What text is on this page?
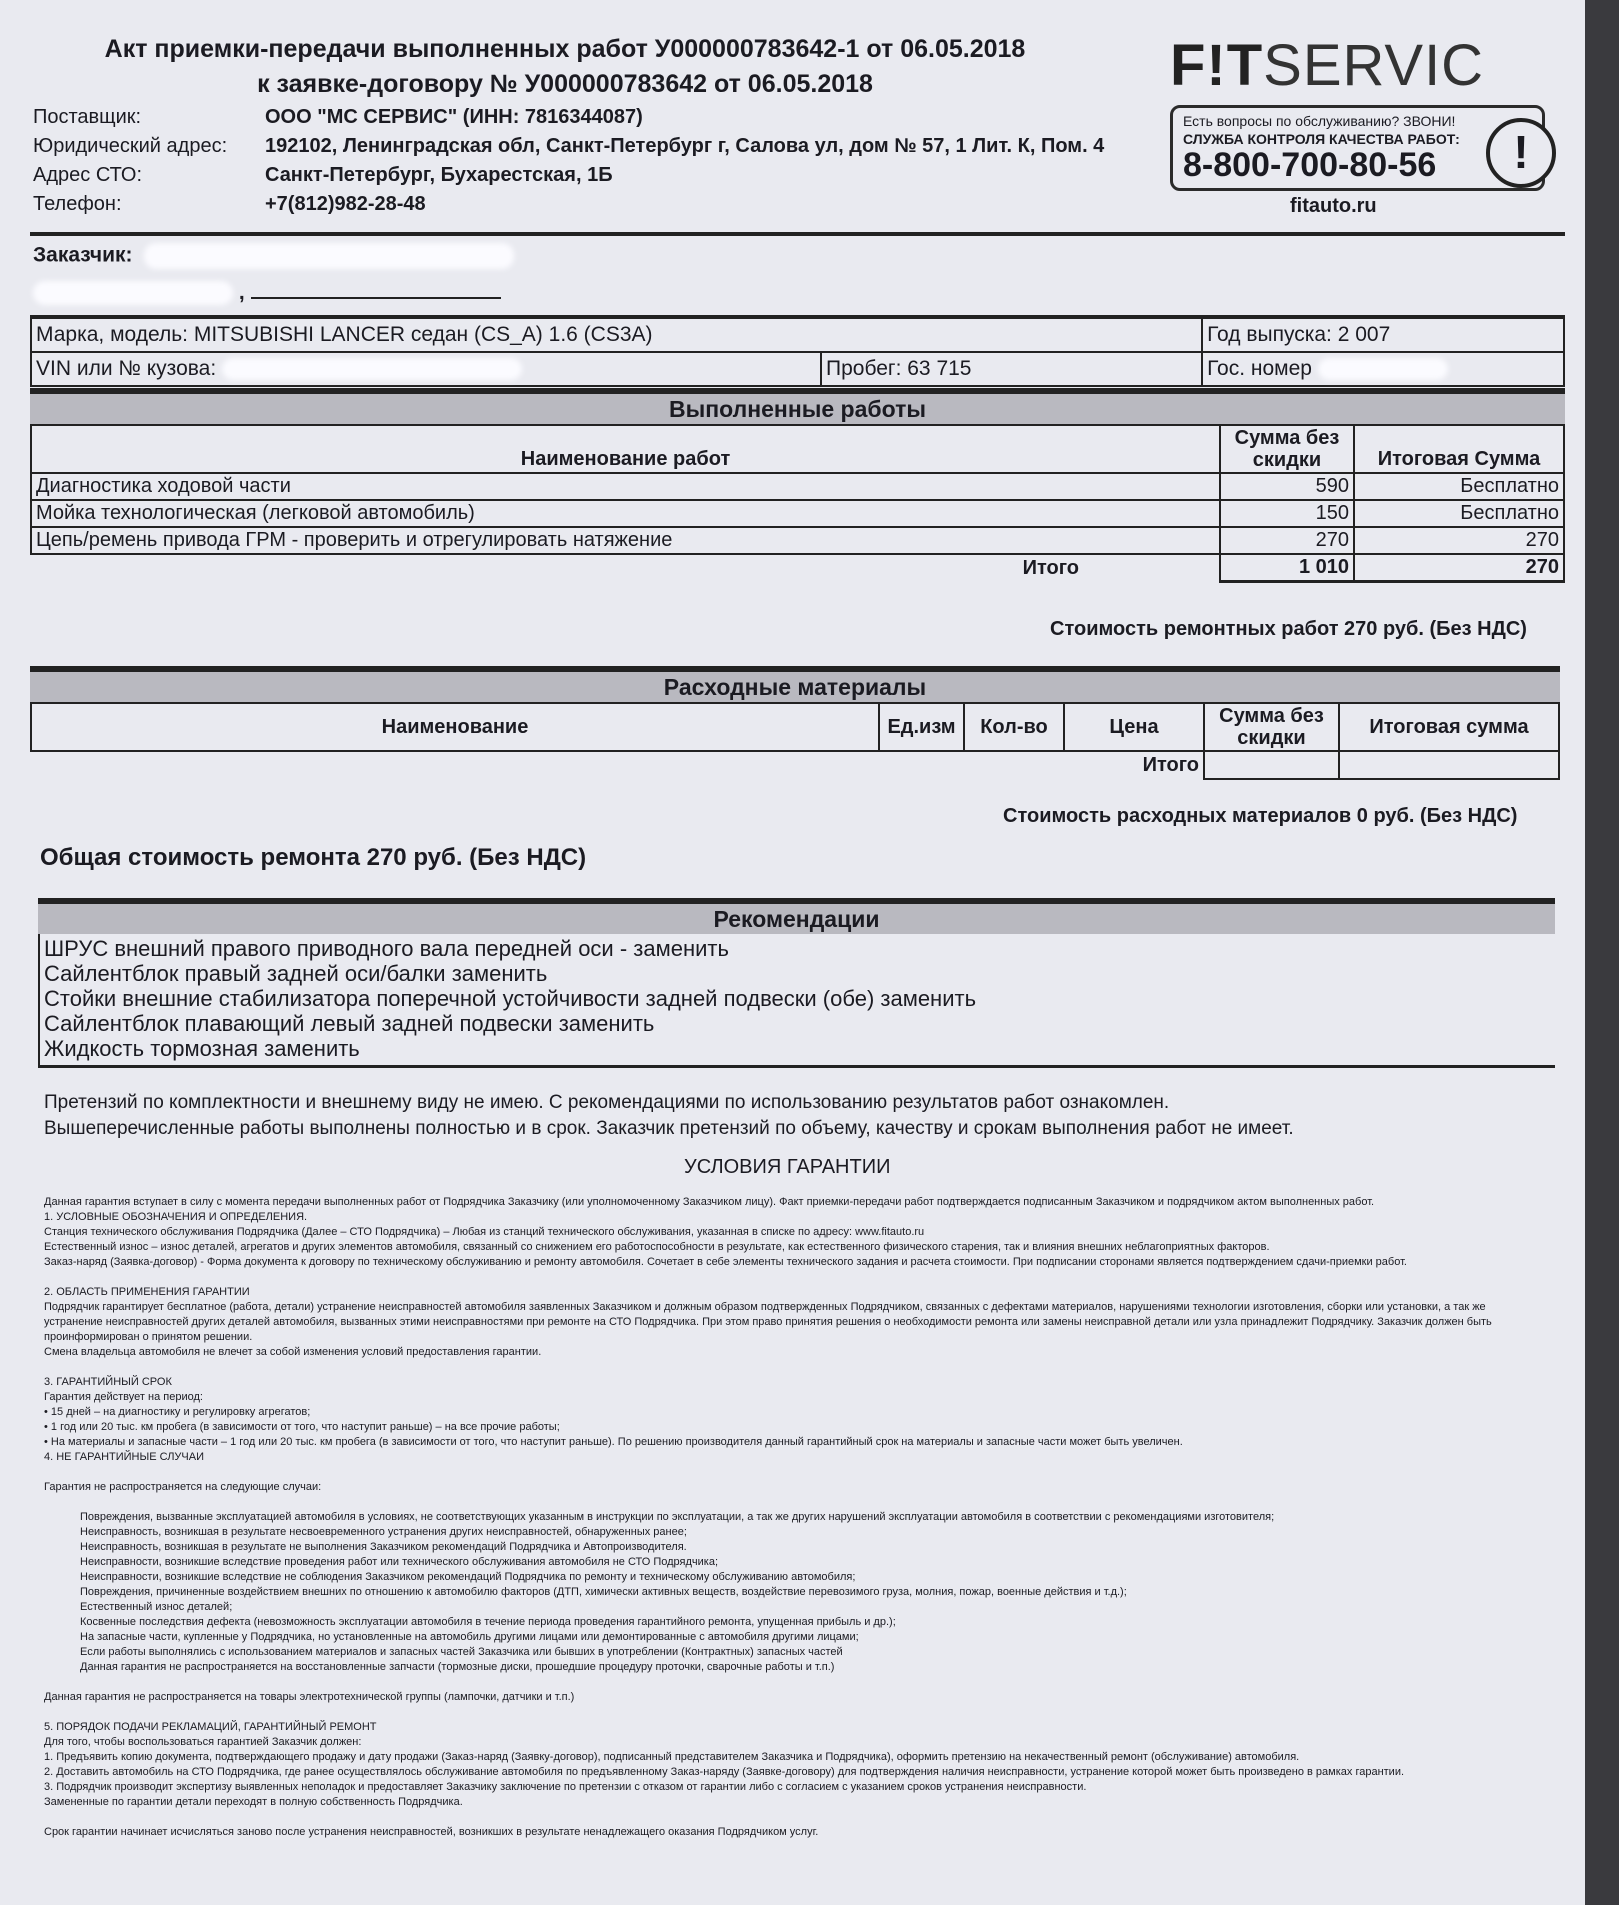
Акт приемки-передачи выполненных работ У000000783642-1 от 06.05.2018
к заявке-договору № У000000783642 от 06.05.2018	F!TSERVIC
Есть вопросы по обслуживанию? ЗВОНИ!
СЛУЖБА КОНТРОЛЯ КАЧЕСТВА РАБОТ:
8-800-700-80-56	!
fitauto.ru
Поставщик:	ООО "МС СЕРВИС" (ИНН: 7816344087)
Юридический адрес:	192102, Ленинградская обл, Санкт-Петербург г, Салова ул, дом № 57, 1 Лит. К, Пом. 4
Адрес СТО:	Санкт-Петербург, Бухарестская, 1Б
Телефон:	+7(812)982-28-48
Заказчик:
,
Марка, модель: MITSUBISHI LANCER седан (CS_A) 1.6 (CS3A)		Год выпуска: 2 007
VIN или № кузова:	Пробег: 63 715	Гос. номер
Выполненные работы
Наименование работ	Сумма без скидки	Итоговая Сумма
Диагностика ходовой части	590	Бесплатно
Мойка технологическая (легковой автомобиль)	150	Бесплатно
Цепь/ремень привода ГРМ - проверить и отрегулировать натяжение	270	270
Итого	1 010	270
Стоимость ремонтных работ 270 руб. (Без НДС)
Расходные материалы
Наименование	Ед.изм	Кол-во	Цена	Сумма без скидки	Итоговая сумма
Итого					
Стоимость расходных материалов 0 руб. (Без НДС)
Общая стоимость ремонта 270 руб. (Без НДС)
Рекомендации
ШРУС внешний правого приводного вала передней оси - заменить
Сайлентблок правый задней оси/балки заменить
Стойки внешние стабилизатора поперечной устойчивости задней подвески (обе) заменить
Сайлентблок плавающий левый задней подвески заменить
Жидкость тормозная заменить
Претензий по комплектности и внешнему виду не имею. С рекомендациями по использованию результатов работ ознакомлен.
Вышеперечисленные работы выполнены полностью и в срок. Заказчик претензий по объему, качеству и срокам выполнения работ не имеет.
УСЛОВИЯ ГАРАНТИИ

Данная гарантия вступает в силу с момента передачи выполненных работ от Подрядчика Заказчику (или уполномоченному Заказчиком лицу). Факт приемки-передачи работ подтверждается подписанным Заказчиком и подрядчиком актом выполненных работ.

1. УСЛОВНЫЕ ОБОЗНАЧЕНИЯ И ОПРЕДЕЛЕНИЯ.

Станция технического обслуживания Подрядчика (Далее – СТО Подрядчика) – Любая из станций технического обслуживания, указанная в списке по адресу: www.fitauto.ru

Естественный износ – износ деталей, агрегатов и других элементов автомобиля, связанный со снижением его работоспособности в результате, как естественного физического старения, так и влияния внешних неблагоприятных факторов.

Заказ-наряд (Заявка-договор) - Форма документа к договору по техническому обслуживанию и ремонту автомобиля. Сочетает в себе элементы технического задания и расчета стоимости. При подписании сторонами является подтверждением сдачи-приемки работ.

2. ОБЛАСТЬ ПРИМЕНЕНИЯ ГАРАНТИИ

Подрядчик гарантирует бесплатное (работа, детали) устранение неисправностей автомобиля заявленных Заказчиком и должным образом подтвержденных Подрядчиком, связанных с дефектами материалов, нарушениями технологии изготовления, сборки или установки, а так же устранение неисправностей других деталей автомобиля, вызванных этими неисправностями при ремонте на СТО Подрядчика. При этом право принятия решения о необходимости ремонта или замены неисправной детали или узла принадлежит Подрядчику. Заказчик должен быть проинформирован о принятом решении.

Смена владельца автомобиля не влечет за собой изменения условий предоставления гарантии.

3. ГАРАНТИЙНЫЙ СРОК

Гарантия действует на период:

• 15 дней – на диагностику и регулировку агрегатов;

• 1 год или 20 тыс. км пробега (в зависимости от того, что наступит раньше) – на все прочие работы;

• На материалы и запасные части – 1 год или 20 тыс. км пробега (в зависимости от того, что наступит раньше). По решению производителя данный гарантийный срок на материалы и запасные части может быть увеличен.

4. НЕ ГАРАНТИЙНЫЕ СЛУЧАИ

Гарантия не распространяется на следующие случаи:

Повреждения, вызванные эксплуатацией автомобиля в условиях, не соответствующих указанным в инструкции по эксплуатации, а так же других нарушений эксплуатации автомобиля в соответствии с рекомендациями изготовителя;

Неисправность, возникшая в результате несвоевременного устранения других неисправностей, обнаруженных ранее;

Неисправность, возникшая в результате не выполнения Заказчиком рекомендаций Подрядчика и Автопроизводителя.

Неисправности, возникшие вследствие проведения работ или технического обслуживания автомобиля не СТО Подрядчика;

Неисправности, возникшие вследствие не соблюдения Заказчиком рекомендаций Подрядчика по ремонту и техническому обслуживанию автомобиля;

Повреждения, причиненные воздействием внешних по отношению к автомобилю факторов (ДТП, химически активных веществ, воздействие перевозимого груза, молния, пожар, военные действия и т.д.);

Естественный износ деталей;

Косвенные последствия дефекта (невозможность эксплуатации автомобиля в течение периода проведения гарантийного ремонта, упущенная прибыль и др.);

На запасные части, купленные у Подрядчика, но установленные на автомобиль другими лицами или демонтированные с автомобиля другими лицами;

Если работы выполнялись с использованием материалов и запасных частей Заказчика или бывших в употреблении (Контрактных) запасных частей

Данная гарантия не распространяется на восстановленные запчасти (тормозные диски, прошедшие процедуру проточки, сварочные работы и т.п.)

Данная гарантия не распространяется на товары электротехнической группы (лампочки, датчики и т.п.)

5. ПОРЯДОК ПОДАЧИ РЕКЛАМАЦИЙ, ГАРАНТИЙНЫЙ РЕМОНТ

Для того, чтобы воспользоваться гарантией Заказчик должен:

1. Предъявить копию документа, подтверждающего продажу и дату продажи (Заказ-наряд (Заявку-договор), подписанный представителем Заказчика и Подрядчика), оформить претензию на некачественный ремонт (обслуживание) автомобиля.

2. Доставить автомобиль на СТО Подрядчика, где ранее осуществлялось обслуживание автомобиля по предъявленному Заказ-наряду (Заявке-договору) для подтверждения наличия неисправности, устранение которой может быть произведено в рамках гарантии.

3. Подрядчик производит экспертизу выявленных неполадок и предоставляет Заказчику заключение по претензии с отказом от гарантии либо с согласием с указанием сроков устранения неисправности.

Замененные по гарантии детали переходят в полную собственность Подрядчика.

Срок гарантии начинает исчисляться заново после устранения неисправностей, возникших в результате ненадлежащего оказания Подрядчиком услуг.
